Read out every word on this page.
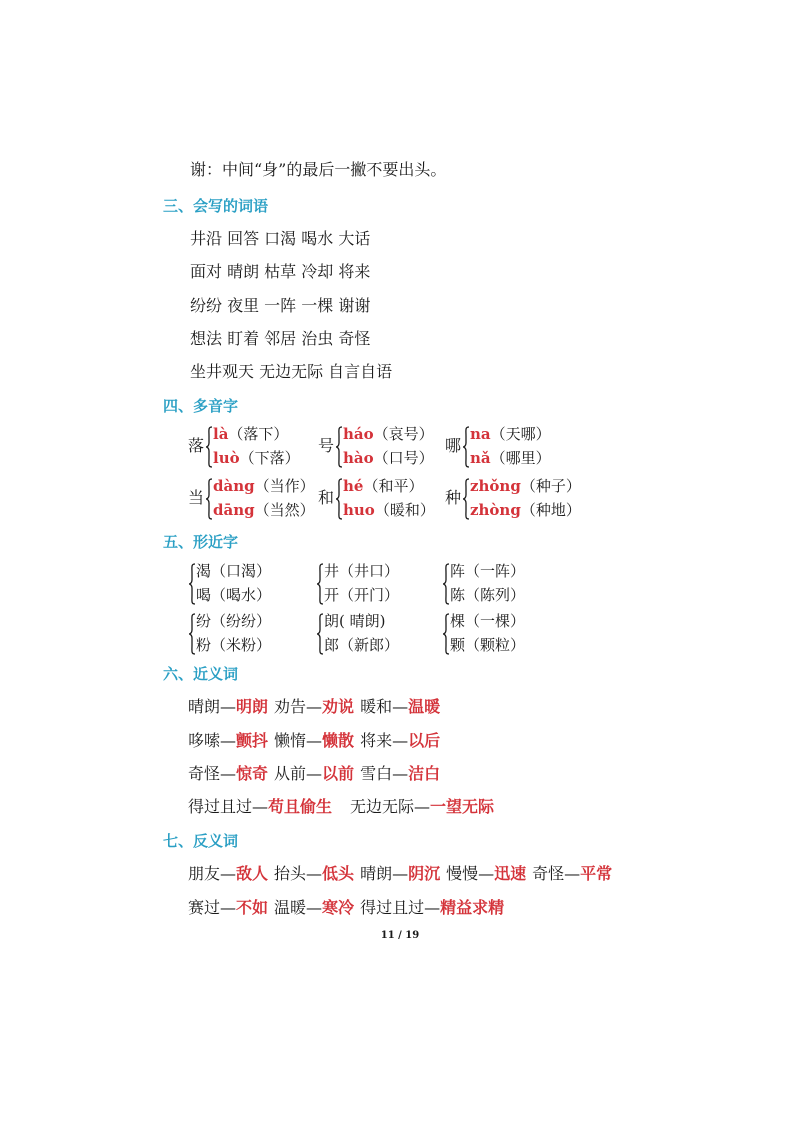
谢：中间“身”的最后一撇不要出头。
三、会写的词语
井沿 回答 口渴 喝水 大话
面对 晴朗 枯草 冷却 将来
纷纷 夜里 一阵 一棵 谢谢
想法 盯着 邻居 治虫 奇怪
坐井观天 无边无际 自言自语
四、多音字
落
là（落下）
luò（下落）
号
háo（哀号）
hào（口号）
哪
na（天哪）
nǎ（哪里）
当
dàng（当作）
dāng（当然）
和
hé（和平）
huo（暖和）
种
zhǒng（种子）
zhòng（种地）
五、形近字
渴（口渴）
喝（喝水）
井（井口）
开（开门）
阵（一阵）
陈（陈列）
纷（纷纷）
粉（米粉）
朗( 晴朗)
郎（新郎）
棵（一棵）
颗（颗粒）
六、近义词
晴朗—明朗 劝告—劝说 暖和—温暖
哆嗦—颤抖 懒惰—懒散 将来—以后
奇怪—惊奇 从前—以前 雪白—洁白
得过且过—苟且偷生 无边无际—一望无际
七、反义词
朋友—敌人 抬头—低头 晴朗—阴沉 慢慢—迅速 奇怪—平常
赛过—不如 温暖—寒冷 得过且过—精益求精
11 / 19
